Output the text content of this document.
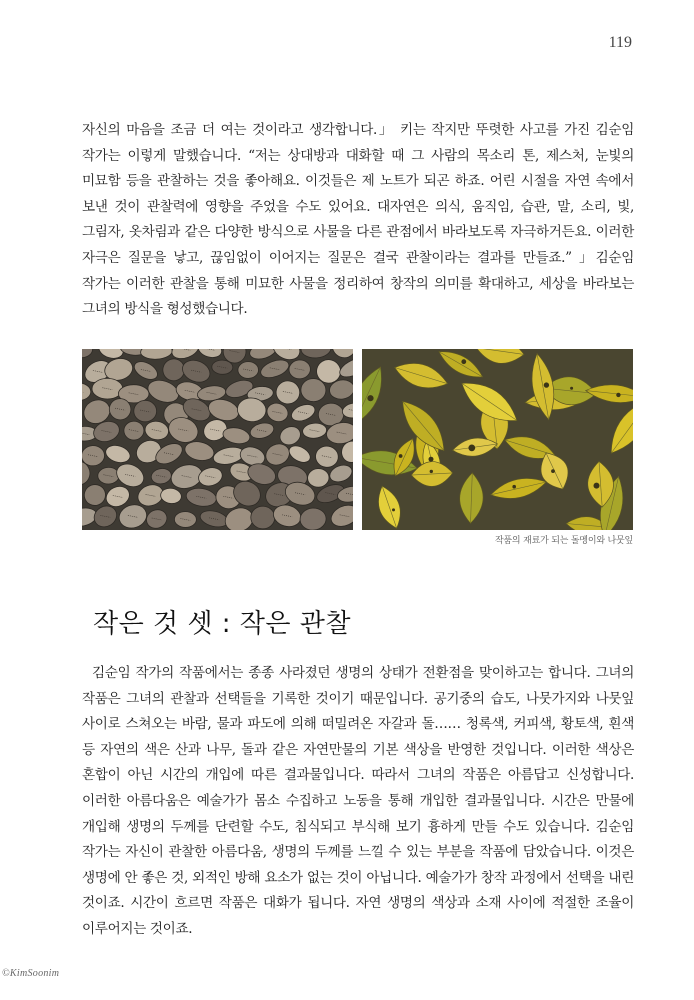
119

자신의 마음을 조금 더 여는 것이라고 생각합니다.」 키는 작지만 뚜렷한 사고를 가진 김순임 작가는 이렇게 말했습니다. “저는 상대방과 대화할 때 그 사람의 목소리 톤, 제스처, 눈빛의 미묘함 등을 관찰하는 것을 좋아해요. 이것들은 제 노트가 되곤 하죠. 어린 시절을 자연 속에서 보낸 것이 관찰력에 영향을 주었을 수도 있어요. 대자연은 의식, 움직임, 습관, 말, 소리, 빛, 그림자, 옷차림과 같은 다양한 방식으로 사물을 다른 관점에서 바라보도록 자극하거든요. 이러한 자극은 질문을 낳고, 끊임없이 이어지는 질문은 결국 관찰이라는 결과를 만들죠.” 」김순임 작가는 이러한 관찰을 통해 미묘한 사물을 정리하여 창작의 의미를 확대하고, 세상을 바라보는 그녀의 방식을 형성했습니다.

작품의 재료가 되는 돌멩이와 나뭇잎
작은 것 셋 : 작은 관찰

김순임 작가의 작품에서는 종종 사라졌던 생명의 상태가 전환점을 맞이하고는 합니다. 그녀의 작품은 그녀의 관찰과 선택들을 기록한 것이기 때문입니다. 공기중의 습도, 나뭇가지와 나뭇잎 사이로 스쳐오는 바람, 물과 파도에 의해 떠밀려온 자갈과 돌…… 청록색, 커피색, 황토색, 흰색 등 자연의 색은 산과 나무, 돌과 같은 자연만물의 기본 색상을 반영한 것입니다. 이러한 색상은 혼합이 아닌 시간의 개입에 따른 결과물입니다. 따라서 그녀의 작품은 아름답고 신성합니다. 이러한 아름다움은 예술가가 몸소 수집하고 노동을 통해 개입한 결과물입니다. 시간은 만물에 개입해 생명의 두께를 단련할 수도, 침식되고 부식해 보기 흉하게 만들 수도 있습니다. 김순임 작가는 자신이 관찰한 아름다움, 생명의 두께를 느낄 수 있는 부분을 작품에 담았습니다. 이것은 생명에 안 좋은 것, 외적인 방해 요소가 없는 것이 아닙니다. 예술가가 창작 과정에서 선택을 내린 것이죠. 시간이 흐르면 작품은 대화가 됩니다. 자연 생명의 색상과 소재 사이에 적절한 조율이 이루어지는 것이죠.

©KimSoonim
